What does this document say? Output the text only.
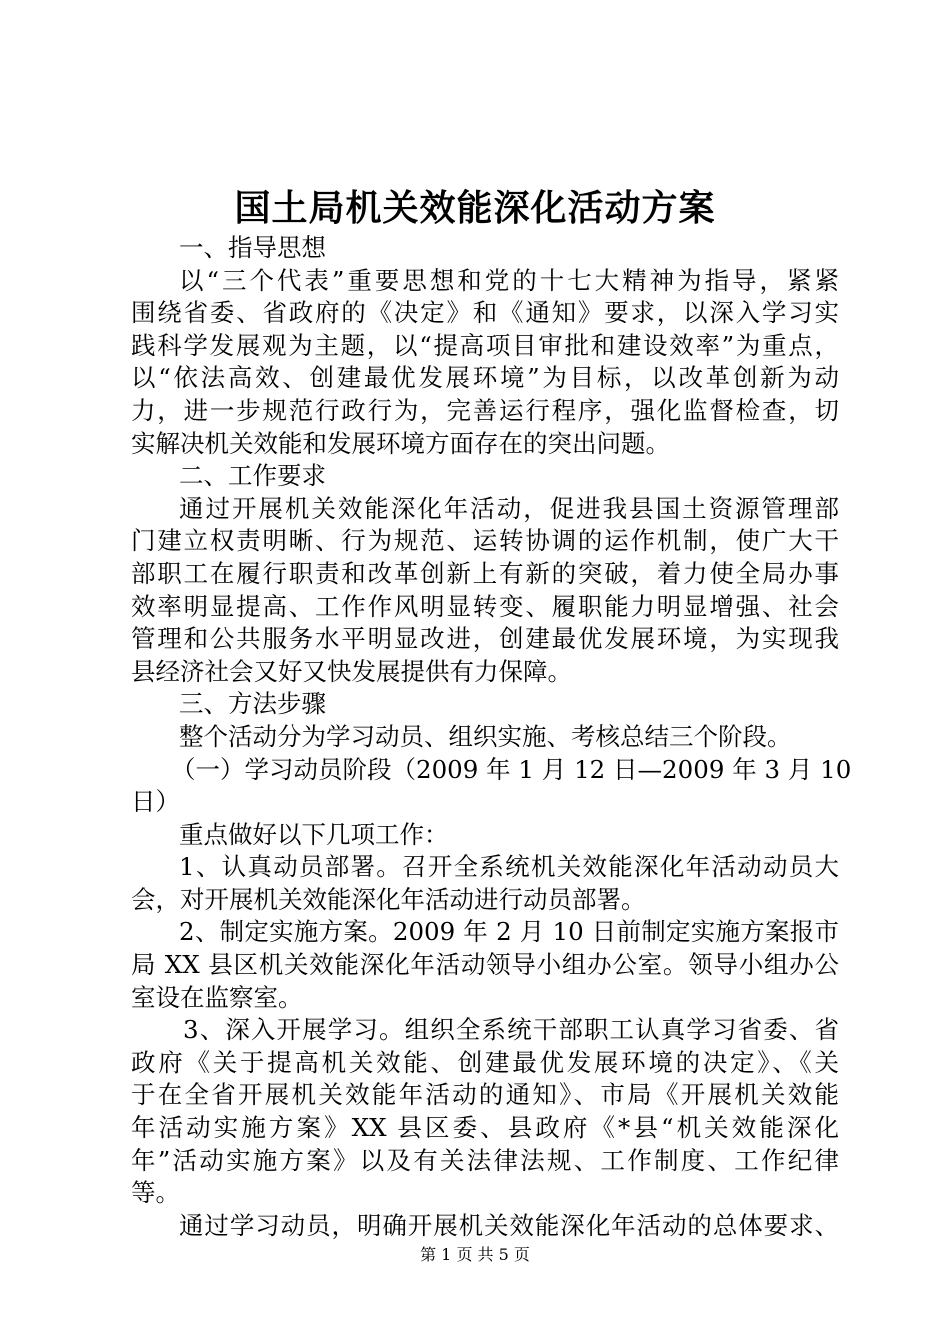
国土局机关效能深化活动方案
一、指导思想
以“三个代表”重要思想和党的十七大精神为指导，紧紧
围绕省委、省政府的《决定》和《通知》要求，以深入学习实
践科学发展观为主题，以“提高项目审批和建设效率”为重点，
以“依法高效、创建最优发展环境”为目标，以改革创新为动
力，进一步规范行政行为，完善运行程序，强化监督检查，切
实解决机关效能和发展环境方面存在的突出问题。
二、工作要求
通过开展机关效能深化年活动，促进我县国土资源管理部
门建立权责明晰、行为规范、运转协调的运作机制，使广大干
部职工在履行职责和改革创新上有新的突破，着力使全局办事
效率明显提高、工作作风明显转变、履职能力明显增强、社会
管理和公共服务水平明显改进，创建最优发展环境，为实现我
县经济社会又好又快发展提供有力保障。
三、方法步骤
整个活动分为学习动员、组织实施、考核总结三个阶段。
（一）学习动员阶段（2009 年 1 月 12 日—2009 年 3 月 10
日）
重点做好以下几项工作：
1、认真动员部署。召开全系统机关效能深化年活动动员大
会，对开展机关效能深化年活动进行动员部署。
2、制定实施方案。2009 年 2 月 10 日前制定实施方案报市
局 XX 县区机关效能深化年活动领导小组办公室。领导小组办公
室设在监察室。
3、深入开展学习。组织全系统干部职工认真学习省委、省
政府《关于提高机关效能、创建最优发展环境的决定》、《关
于在全省开展机关效能年活动的通知》、市局《开展机关效能
年活动实施方案》XX 县区委、县政府《*县“机关效能深化
年”活动实施方案》以及有关法律法规、工作制度、工作纪律
等。
通过学习动员，明确开展机关效能深化年活动的总体要求、
第 1 页 共 5 页
